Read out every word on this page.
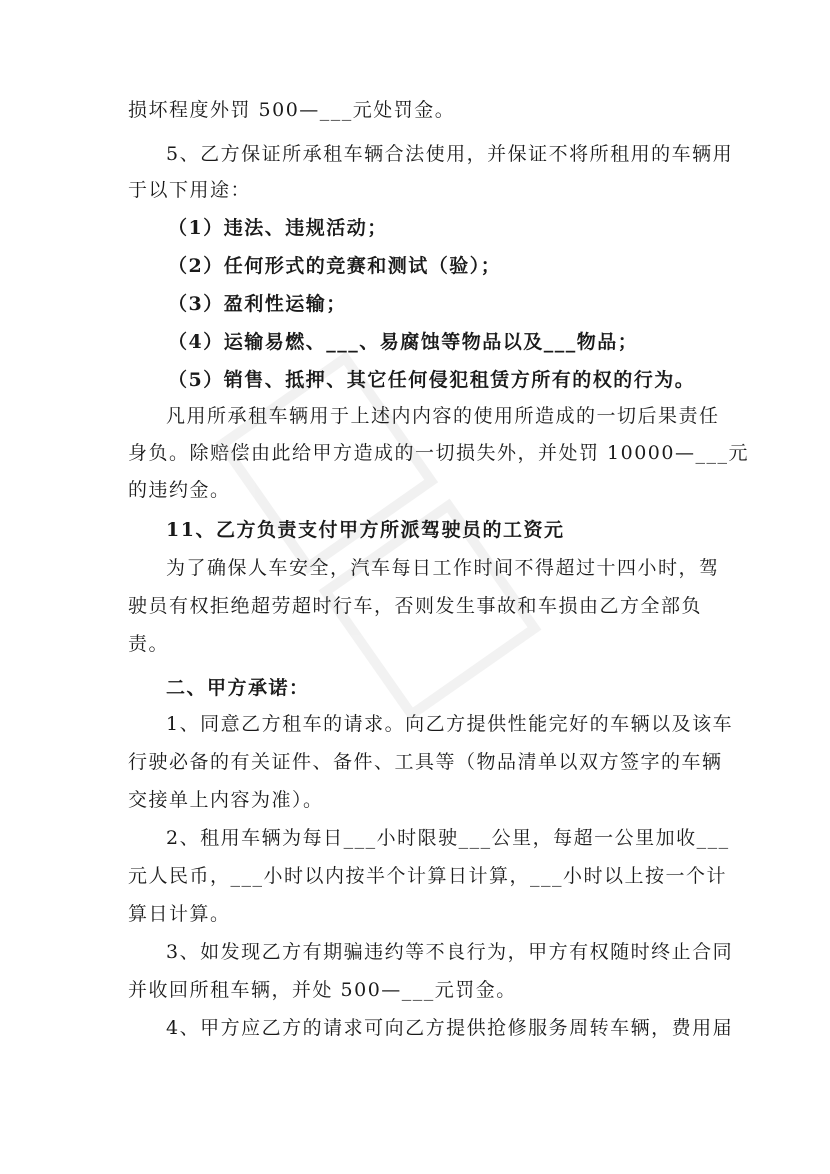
损坏程度外罚 500—___元处罚金。
5、乙方保证所承租车辆合法使用，并保证不将所租用的车辆用
于以下用途：
（1）违法、违规活动；
（2）任何形式的竞赛和测试（验）；
（3）盈利性运输；
（4）运输易燃、___、易腐蚀等物品以及___物品；
（5）销售、抵押、其它任何侵犯租赁方所有的权的行为。
凡用所承租车辆用于上述内内容的使用所造成的一切后果责任
身负。除赔偿由此给甲方造成的一切损失外，并处罚 10000—___元
的违约金。
11、乙方负责支付甲方所派驾驶员的工资元
为了确保人车安全，汽车每日工作时间不得超过十四小时，驾
驶员有权拒绝超劳超时行车，否则发生事故和车损由乙方全部负
责。
二、甲方承诺：
1、同意乙方租车的请求。向乙方提供性能完好的车辆以及该车
行驶必备的有关证件、备件、工具等（物品清单以双方签字的车辆
交接单上内容为准）。
2、租用车辆为每日___小时限驶___公里，每超一公里加收___
元人民币，___小时以内按半个计算日计算，___小时以上按一个计
算日计算。
3、如发现乙方有期骗违约等不良行为，甲方有权随时终止合同
并收回所租车辆，并处 500—___元罚金。
4、甲方应乙方的请求可向乙方提供抢修服务周转车辆，费用届
